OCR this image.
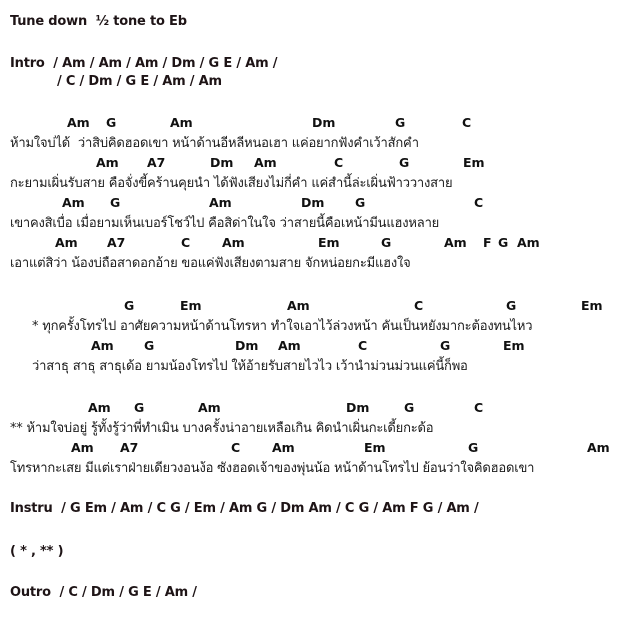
Tune down  ½ tone to Eb
Intro  / Am / Am / Am / Dm / G E / Am /
/ C / Dm / G E / Am / Am
Am G	Am	Dm	G	C
ห้ามใจบ่ได้  ว่าสิบ่คิดฮอดเขา หน้าด้านอีหลีหนอเฮา แค่อยากฟังคำเว้าสักคำ
Am A7	Dm Am	C	G	Em
กะยามเผิ่นรับสาย คือจั่งขี้คร้านคุยนำ ได้ฟังเสียงไม่กี่คำ แค่สำนี้ล่ะเผิ่นฟ้าววางสาย
Am G	Am	Dm G	C
เขาคงสิเบื่อ เมื่อยามเห็นเบอร์โชว์ไป คือสิด่าในใจ ว่าสายนี้คือเหน้ามีนแฮงหลาย
Am A7	C	Am	Em	G	Am F G Am
เอาแต่สิว่า น้องบ่ถือสาดอกอ้าย ขอแค่ฟังเสียงตามสาย จักหน่อยกะมีแฮงใจ
G	Em	Am	C	G	Em
* ทุกครั้งโทรไป อาศัยความหน้าด้านโทรหา ทำใจเอาไว้ล่วงหน้า คันเป็นหยังมากะต้องทนไหว
Am G	Dm Am	C	G	Em
ว่าสาธุ สาธุ สาธุเด้อ ยามน้องโทรไป ให้อ้ายรับสายไวไว เว้านำม่วนม่วนแค่นี้ก็พอ
Am G	Am	Dm	G	C
** ห้ามใจบ่อยู่ รู้ทั้งรู้ว่าพี่ทำเมิน บางครั้งน่าอายเหลือเกิน คิดนำเผิ่นกะเดี้ยกะด้อ
Am A7	C	Am	Em	G	Am
โทรหากะเสย มีแต่เราฝ่ายเดียวงอนง้อ ซังฮอดเจ้าของพุ่นน้อ หน้าด้านโทรไป ย้อนว่าใจคิดฮอดเขา
Instru  / G Em / Am / C G / Em / Am G / Dm Am / C G / Am F G / Am /
( * , ** )
Outro  / C / Dm / G E / Am /
